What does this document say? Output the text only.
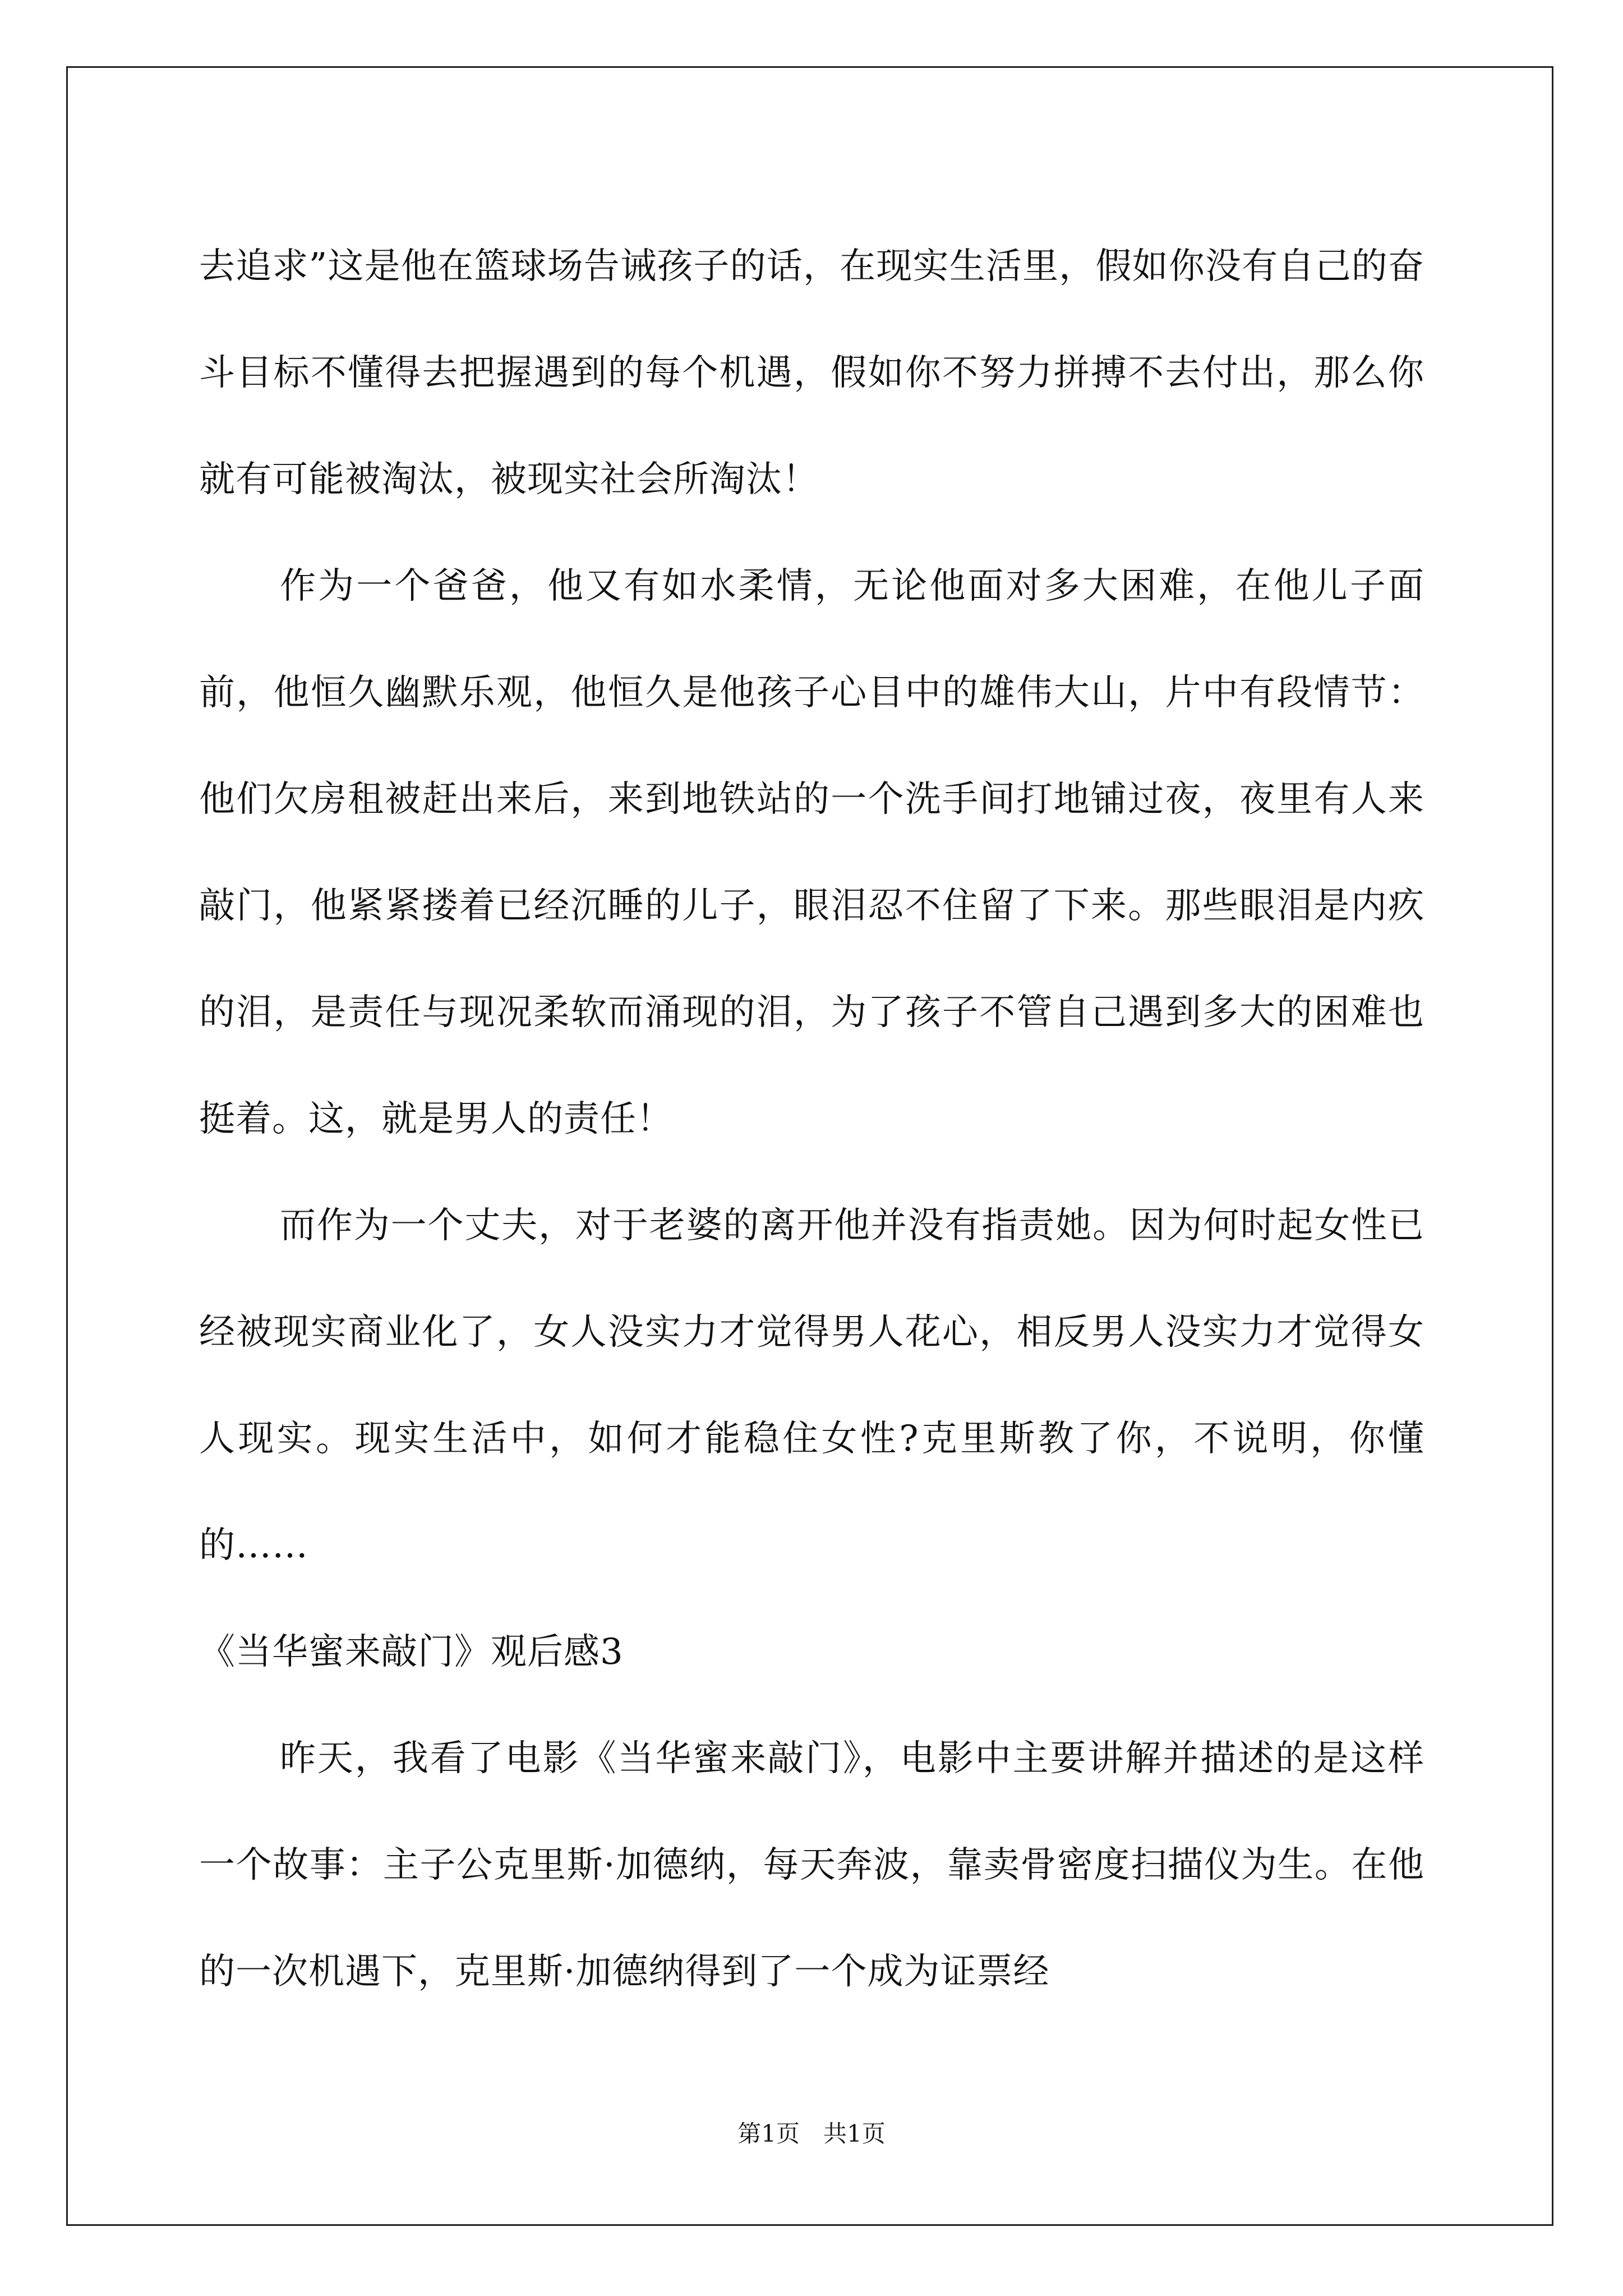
去追求”这是他在篮球场告诫孩子的话，在现实生活里，假如你没有自己的奋斗目标不懂得去把握遇到的每个机遇，假如你不努力拼搏不去付出，那么你就有可能被淘汰，被现实社会所淘汰！

作为一个爸爸，他又有如水柔情，无论他面对多大困难，在他儿子面前，他恒久幽默乐观，他恒久是他孩子心目中的雄伟大山，片中有段情节：他们欠房租被赶出来后，来到地铁站的一个洗手间打地铺过夜，夜里有人来敲门，他紧紧搂着已经沉睡的儿子，眼泪忍不住留了下来。那些眼泪是内疚的泪，是责任与现况柔软而涌现的泪，为了孩子不管自己遇到多大的困难也挺着。这，就是男人的责任！

而作为一个丈夫，对于老婆的离开他并没有指责她。因为何时起女性已经被现实商业化了，女人没实力才觉得男人花心，相反男人没实力才觉得女人现实。现实生活中，如何才能稳住女性?克里斯教了你，不说明，你懂的……

《当华蜜来敲门》观后感3

昨天，我看了电影《当华蜜来敲门》，电影中主要讲解并描述的是这样一个故事：主子公克里斯·加德纳，每天奔波，靠卖骨密度扫描仪为生。在他的一次机遇下，克里斯·加德纳得到了一个成为证票经

第1页　共1页
